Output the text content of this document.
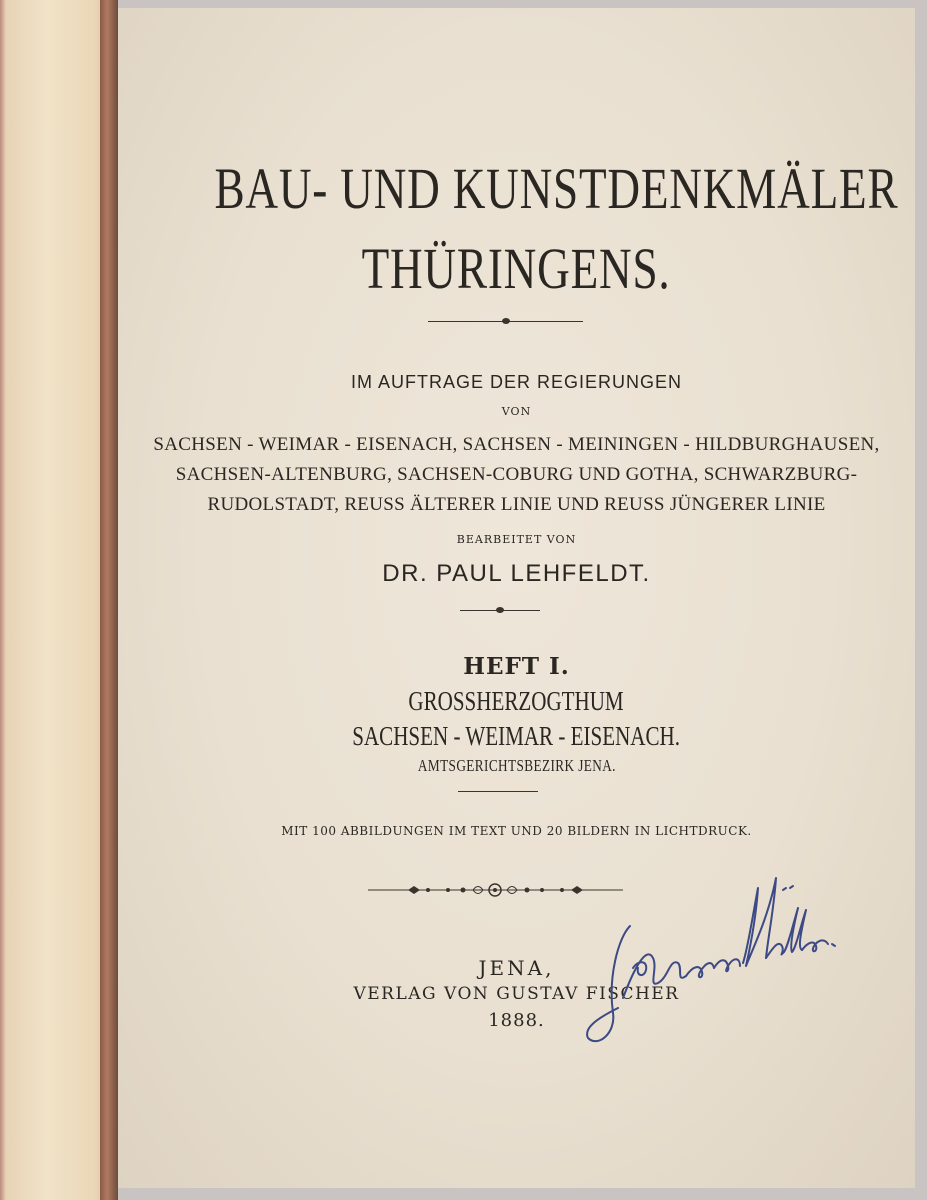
BAU- UND KUNSTDENKMÄLER
THÜRINGENS.
IM AUFTRAGE DER REGIERUNGEN
VON
SACHSEN - WEIMAR - EISENACH, SACHSEN - MEININGEN - HILDBURGHAUSEN,
SACHSEN-ALTENBURG, SACHSEN-COBURG UND GOTHA, SCHWARZBURG-
RUDOLSTADT, REUSS ÄLTERER LINIE UND REUSS JÜNGERER LINIE
BEARBEITET VON
DR. PAUL LEHFELDT.
HEFT I.
GROSSHERZOGTHUM
SACHSEN - WEIMAR - EISENACH.
AMTSGERICHTSBEZIRK JENA.
MIT 100 ABBILDUNGEN IM TEXT UND 20 BILDERN IN LICHTDRUCK.
JENA,
VERLAG VON GUSTAV FISCHER
1888.
